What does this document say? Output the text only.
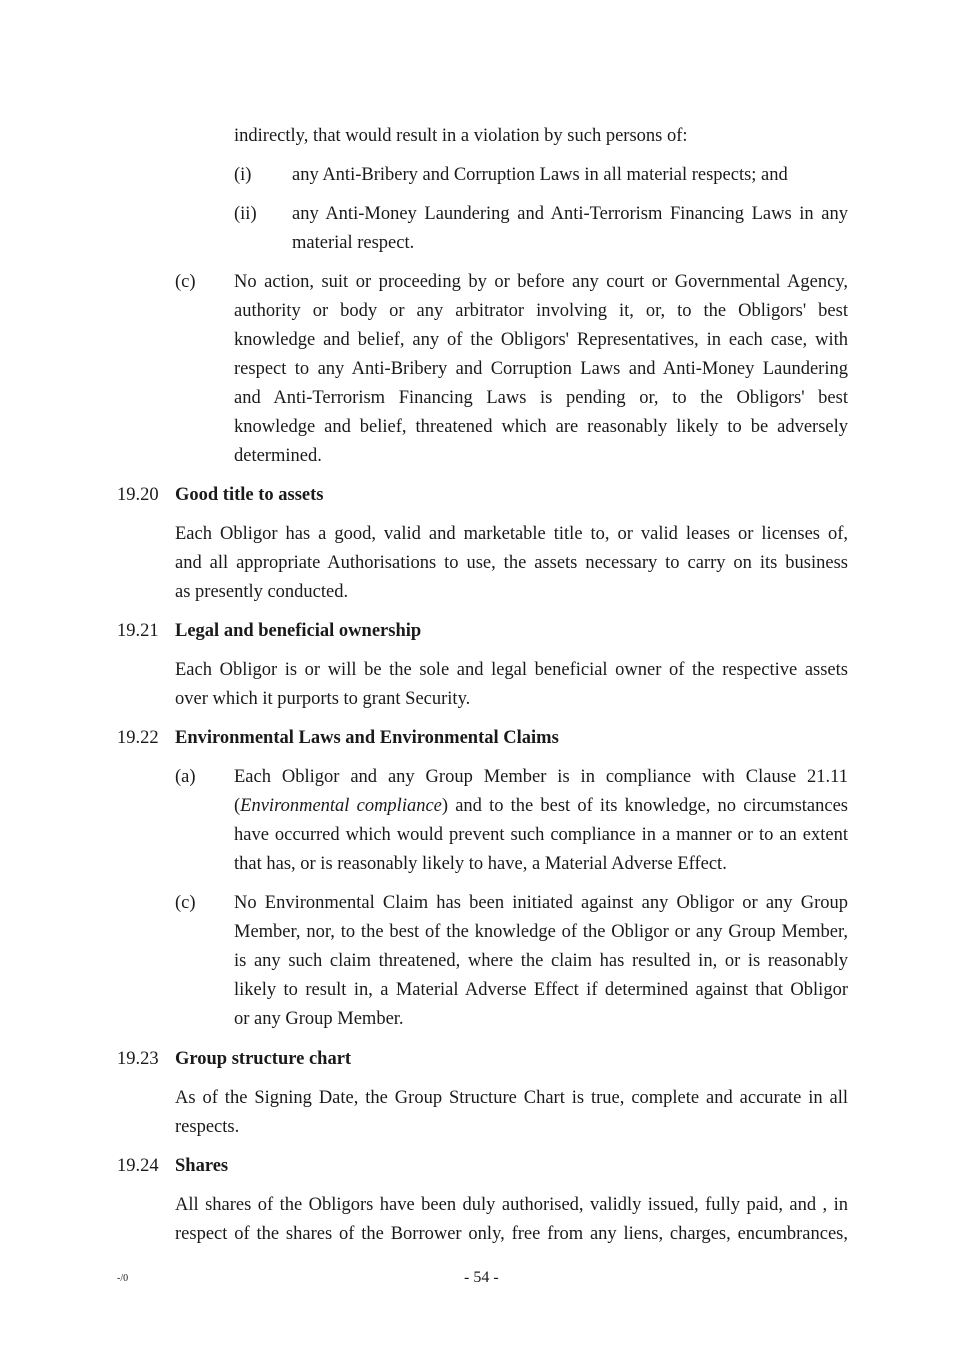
indirectly, that would result in a violation by such persons of:
(i) any Anti-Bribery and Corruption Laws in all material respects; and
(ii) any Anti-Money Laundering and Anti-Terrorism Financing Laws in any
material respect.
(c) No action, suit or proceeding by or before any court or Governmental Agency,
authority or body or any arbitrator involving it, or, to the Obligors' best
knowledge and belief, any of the Obligors' Representatives, in each case, with
respect to any Anti-Bribery and Corruption Laws and Anti-Money Laundering
and Anti-Terrorism Financing Laws is pending or, to the Obligors' best
knowledge and belief, threatened which are reasonably likely to be adversely
determined.
19.20 Good title to assets
Each Obligor has a good, valid and marketable title to, or valid leases or licenses of,
and all appropriate Authorisations to use, the assets necessary to carry on its business
as presently conducted.
19.21 Legal and beneficial ownership
Each Obligor is or will be the sole and legal beneficial owner of the respective assets
over which it purports to grant Security.
19.22 Environmental Laws and Environmental Claims
(a) Each Obligor and any Group Member is in compliance with Clause 21.11
(Environmental compliance) and to the best of its knowledge, no circumstances
have occurred which would prevent such compliance in a manner or to an extent
that has, or is reasonably likely to have, a Material Adverse Effect.
(c) No Environmental Claim has been initiated against any Obligor or any Group
Member, nor, to the best of the knowledge of the Obligor or any Group Member,
is any such claim threatened, where the claim has resulted in, or is reasonably
likely to result in, a Material Adverse Effect if determined against that Obligor
or any Group Member.
19.23 Group structure chart
As of the Signing Date, the Group Structure Chart is true, complete and accurate in all
respects.
19.24 Shares
All shares of the Obligors have been duly authorised, validly issued, fully paid, and , in
respect of the shares of the Borrower only, free from any liens, charges, encumbrances,
-/0	- 54 -
